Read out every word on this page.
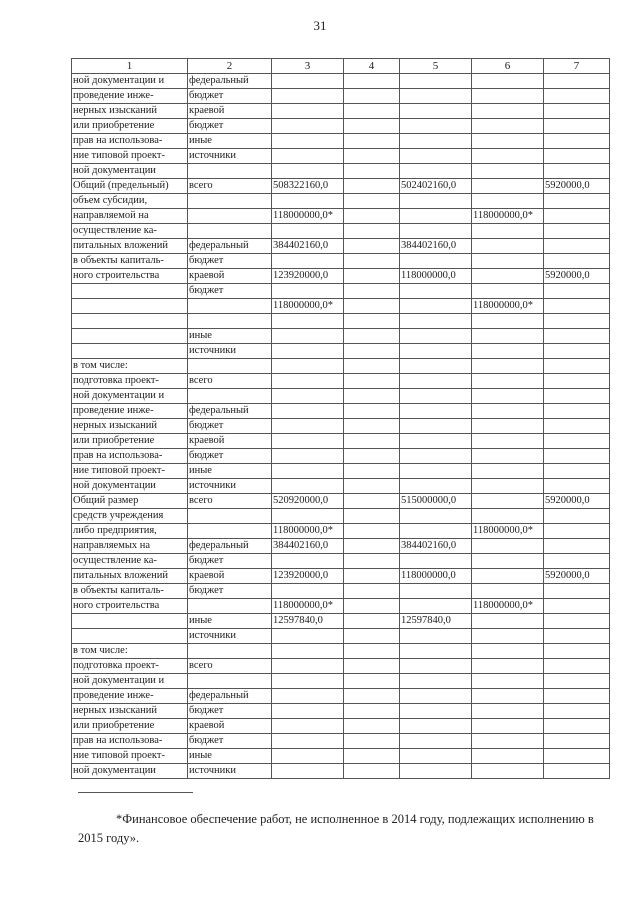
31
1	2	3	4	5	6	7
ной документации и	федеральный					
проведение инже-	бюджет					
нерных изысканий	краевой					
или приобретение	бюджет					
прав на использова-	иные					
ние типовой проект-	источники					
ной документации						
Общий (предельный)	всего	508322160,0		502402160,0		5920000,0
объем субсидии,						
направляемой на		118000000,0*			118000000,0*	
осуществление ка-						
питальных вложений	федеральный	384402160,0		384402160,0		
в объекты капиталь-	бюджет					
ного строительства	краевой	123920000,0		118000000,0		5920000,0
	бюджет					
		118000000,0*			118000000,0*	

	иные					
	источники					
в том числе:						
подготовка проект-	всего					
ной документации и						
проведение инже-	федеральный					
нерных изысканий	бюджет					
или приобретение	краевой					
прав на использова-	бюджет					
ние типовой проект-	иные					
ной документации	источники					
Общий размер	всего	520920000,0		515000000,0		5920000,0
средств учреждения						
либо предприятия,		118000000,0*			118000000,0*	
направляемых на	федеральный	384402160,0		384402160,0		
осуществление ка-	бюджет					
питальных вложений	краевой	123920000,0		118000000,0		5920000,0
в объекты капиталь-	бюджет					
ного строительства		118000000,0*			118000000,0*	
	иные	12597840,0		12597840,0		
	источники					
в том числе:						
подготовка проект-	всего					
ной документации и						
проведение инже-	федеральный					
нерных изысканий	бюджет					
или приобретение	краевой					
прав на использова-	бюджет					
ние типовой проект-	иные					
ной документации	источники					
*Финансовое обеспечение работ, не исполненное в 2014 году, подлежащих исполнению в 2015 году».
